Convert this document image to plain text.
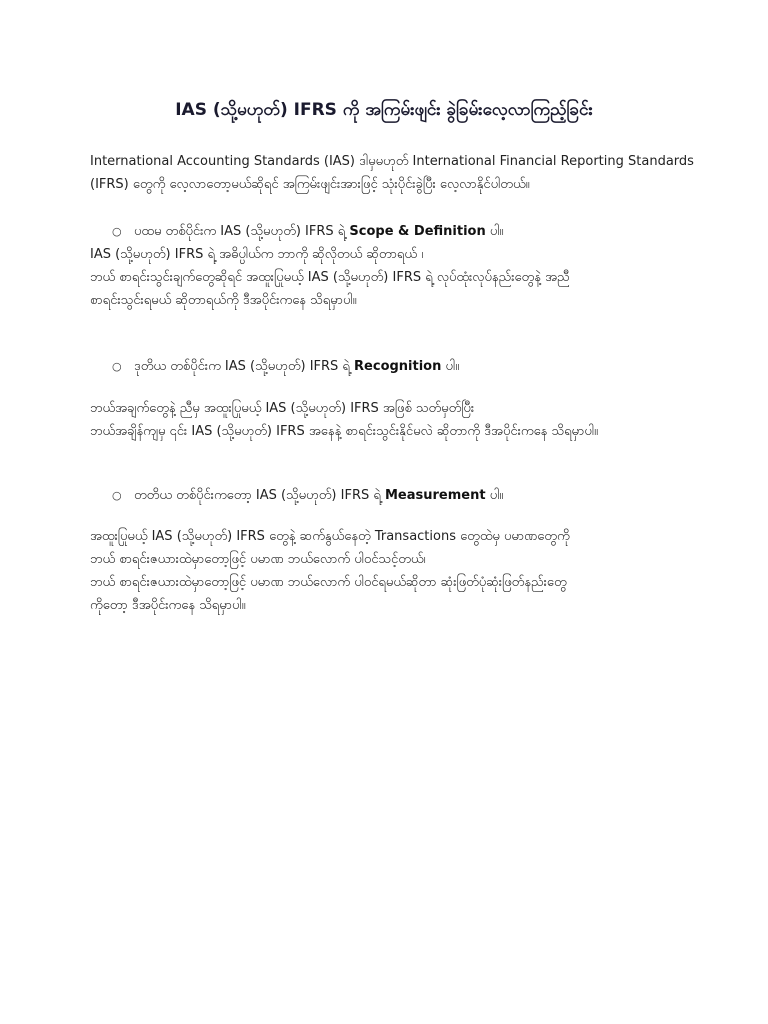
IAS (သို့မဟုတ်) IFRS ကို အကြမ်းဖျင်း ခွဲခြမ်းလေ့လာကြည့်ခြင်း

International Accounting Standards (IAS) ဒါမှမဟုတ် International Financial Reporting Standards
(IFRS) တွေကို လေ့လာတော့မယ်ဆိုရင် အကြမ်းဖျင်းအားဖြင့် သုံးပိုင်းခွဲပြီး လေ့လာနိုင်ပါတယ်။

○ ပထမ တစ်ပိုင်းက IAS (သို့မဟုတ်) IFRS ရဲ့ Scope & Definition ပါ။

IAS (သို့မဟုတ်) IFRS ရဲ့ အဓိပ္ပါယ်က ဘာကို ဆိုလိုတယ် ဆိုတာရယ် ၊
ဘယ် စာရင်းသွင်းချက်တွေဆိုရင် အထူးပြုမယ့် IAS (သို့မဟုတ်) IFRS ရဲ့ လုပ်ထုံးလုပ်နည်းတွေနဲ့ အညီ
စာရင်းသွင်းရမယ် ဆိုတာရယ်ကို ဒီအပိုင်းကနေ သိရမှာပါ။

○ ဒုတိယ တစ်ပိုင်းက IAS (သို့မဟုတ်) IFRS ရဲ့ Recognition ပါ။

ဘယ်အချက်တွေနဲ့ ညီမှ အထူးပြုမယ့် IAS (သို့မဟုတ်) IFRS အဖြစ် သတ်မှတ်ပြီး
ဘယ်အချိန်ကျမှ ၎င်း IAS (သို့မဟုတ်) IFRS အနေနဲ့ စာရင်းသွင်းနိုင်မလဲ ဆိုတာကို ဒီအပိုင်းကနေ သိရမှာပါ။

○ တတိယ တစ်ပိုင်းကတော့ IAS (သို့မဟုတ်) IFRS ရဲ့ Measurement ပါ။

အထူးပြုမယ့် IAS (သို့မဟုတ်) IFRS တွေနဲ့ ဆက်နွယ်နေတဲ့ Transactions တွေထဲမှ ပမာဏတွေကို
ဘယ် စာရင်းဇယားထဲမှာတော့ဖြင့် ပမာဏ ဘယ်လောက် ပါဝင်သင့်တယ်၊
ဘယ် စာရင်းဇယားထဲမှာတော့ဖြင့် ပမာဏ ဘယ်လောက် ပါဝင်ရမယ်ဆိုတာ ဆုံးဖြတ်ပုံဆုံးဖြတ်နည်းတွေ
ကိုတော့ ဒီအပိုင်းကနေ သိရမှာပါ။
